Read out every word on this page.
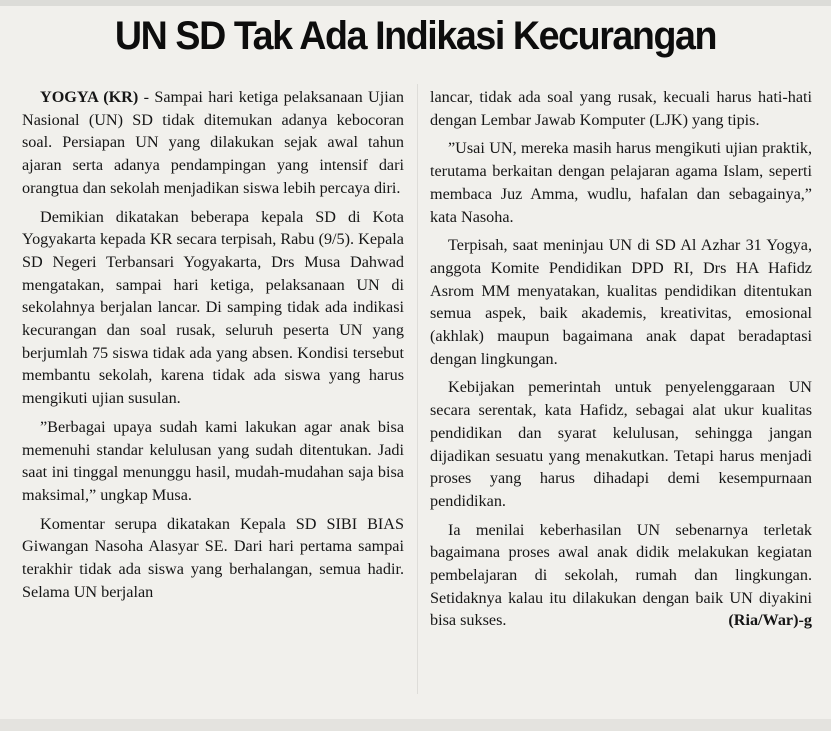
UN SD Tak Ada Indikasi Kecurangan

YOGYA (KR) - Sampai hari ketiga pelaksanaan Ujian Nasional (UN) SD tidak ditemukan adanya kebocoran soal. Persiapan UN yang dilakukan sejak awal tahun ajaran serta adanya pendampingan yang intensif dari orangtua dan sekolah menjadikan siswa lebih percaya diri.

Demikian dikatakan beberapa kepala SD di Kota Yogyakarta kepada KR secara terpisah, Rabu (9/5). Kepala SD Negeri Terbansari Yogyakarta, Drs Musa Dahwad mengatakan, sampai hari ketiga, pelaksanaan UN di sekolahnya berjalan lancar. Di samping tidak ada indikasi kecurangan dan soal rusak, seluruh peserta UN yang berjumlah 75 siswa tidak ada yang absen. Kondisi tersebut membantu sekolah, karena tidak ada siswa yang harus mengikuti ujian susulan.

”Berbagai upaya sudah kami lakukan agar anak bisa memenuhi standar kelulusan yang sudah ditentukan. Jadi saat ini tinggal menunggu hasil, mudah-mudahan saja bisa maksimal,” ungkap Musa.

Komentar serupa dikatakan Kepala SD SIBI BIAS Giwangan Nasoha Alasyar SE. Dari hari pertama sampai terakhir tidak ada siswa yang berhalangan, semua hadir. Selama UN berjalan

lancar, tidak ada soal yang rusak, kecuali harus hati-hati dengan Lembar Jawab Komputer (LJK) yang tipis.

”Usai UN, mereka masih harus mengikuti ujian praktik, terutama berkaitan dengan pelajaran agama Islam, seperti membaca Juz Amma, wudlu, hafalan dan sebagainya,” kata Nasoha.

Terpisah, saat meninjau UN di SD Al Azhar 31 Yogya, anggota Komite Pendidikan DPD RI, Drs HA Hafidz Asrom MM menyatakan, kualitas pendidikan ditentukan semua aspek, baik akademis, kreativitas, emosional (akhlak) maupun bagaimana anak dapat beradaptasi dengan lingkungan.

Kebijakan pemerintah untuk penyelenggaraan UN secara serentak, kata Hafidz, sebagai alat ukur kualitas pendidikan dan syarat kelulusan, sehingga jangan dijadikan sesuatu yang menakutkan. Tetapi harus menjadi proses yang harus dihadapi demi kesempurnaan pendidikan.

Ia menilai keberhasilan UN sebenarnya terletak bagaimana proses awal anak didik melakukan kegiatan pembelajaran di sekolah, rumah dan lingkungan. Setidaknya kalau itu dilakukan dengan baik UN diyakini bisa sukses.	(Ria/War)-g
